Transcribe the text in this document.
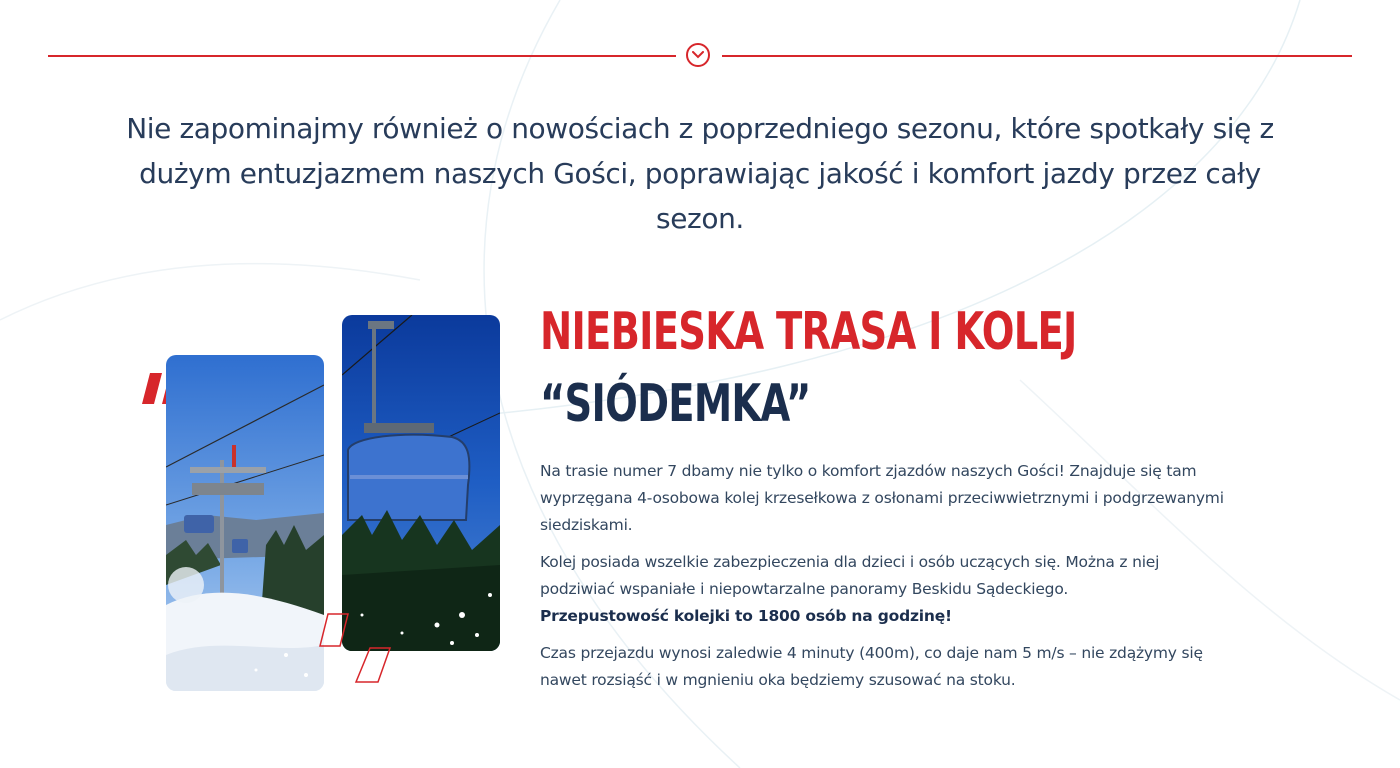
Nie zapominajmy również o nowościach z poprzedniego sezonu, które spotkały się z dużym entuzjazmem naszych Gości, poprawiając jakość i komfort jazdy przez cały sezon.

NIEBIESKA TRASA I KOLEJ
“SIÓDEMKA”

Na trasie numer 7 dbamy nie tylko o komfort zjazdów naszych Gości! Znajduje się tam wyprzęgana 4-osobowa kolej krzesełkowa z osłonami przeciwwietrznymi i podgrzewanymi siedziskami.

Kolej posiada wszelkie zabezpieczenia dla dzieci i osób uczących się. Można z niej podziwiać wspaniałe i niepowtarzalne panoramy Beskidu Sądeckiego.
Przepustowość kolejki to 1800 osób na godzinę!

Czas przejazdu wynosi zaledwie 4 minuty (400m), co daje nam 5 m/s – nie zdążymy się nawet rozsiąść i w mgnieniu oka będziemy szusować na stoku.
